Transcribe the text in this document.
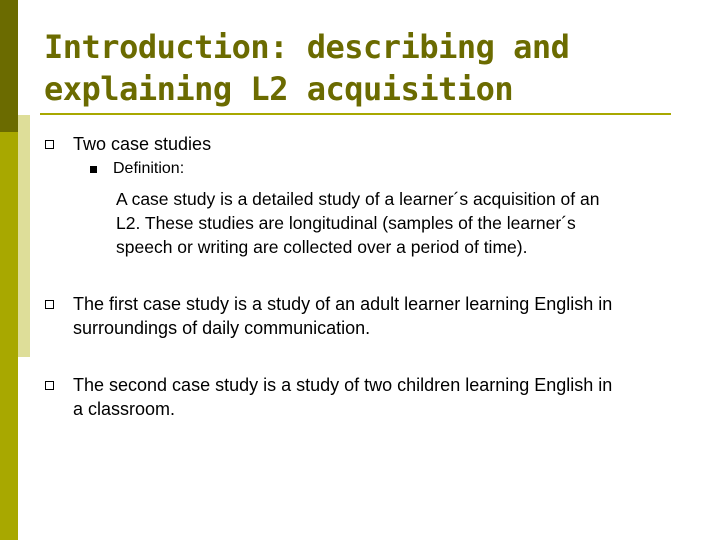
Introduction: describing and
explaining L2 acquisition

Two case studies

Definition:

A case study is a detailed study of a learner´s acquisition of an

L2. These studies are longitudinal (samples of the learner´s

speech or writing are collected over a period of time).

The first case study is a study of an adult learner learning English in

surroundings of daily communication.

The second case study is a study of two children learning English in

a classroom.
